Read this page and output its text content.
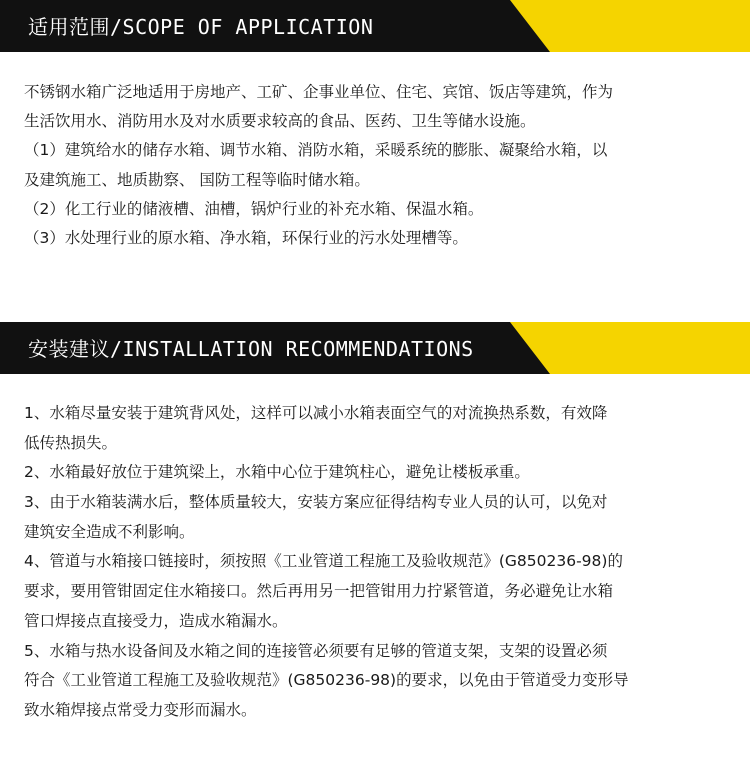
适用范围/SCOPE OF APPLICATION

不锈钢水箱广泛地适用于房地产、工矿、企事业单位、住宅、宾馆、饭店等建筑，作为

生活饮用水、消防用水及对水质要求较高的食品、医药、卫生等储水设施。

（1）建筑给水的储存水箱、调节水箱、消防水箱，采暖系统的膨胀、凝聚给水箱，以

及建筑施工、地质勘察、 国防工程等临时储水箱。

（2）化工行业的储液槽、油槽，锅炉行业的补充水箱、保温水箱。

（3）水处理行业的原水箱、净水箱，环保行业的污水处理槽等。

安装建议/INSTALLATION RECOMMENDATIONS

1、水箱尽量安装于建筑背风处，这样可以减小水箱表面空气的对流换热系数，有效降

低传热损失。

2、水箱最好放位于建筑梁上，水箱中心位于建筑柱心，避免让楼板承重。

3、由于水箱装满水后，整体质量较大，安装方案应征得结构专业人员的认可，以免对

建筑安全造成不利影响。

4、管道与水箱接口链接时，须按照《工业管道工程施工及验收规范》(G850236-98)的

要求，要用管钳固定住水箱接口。然后再用另一把管钳用力拧紧管道，务必避免让水箱

管口焊接点直接受力，造成水箱漏水。

5、水箱与热水设备间及水箱之间的连接管必须要有足够的管道支架，支架的设置必须

符合《工业管道工程施工及验收规范》(G850236-98)的要求，以免由于管道受力变形导

致水箱焊接点常受力变形而漏水。
